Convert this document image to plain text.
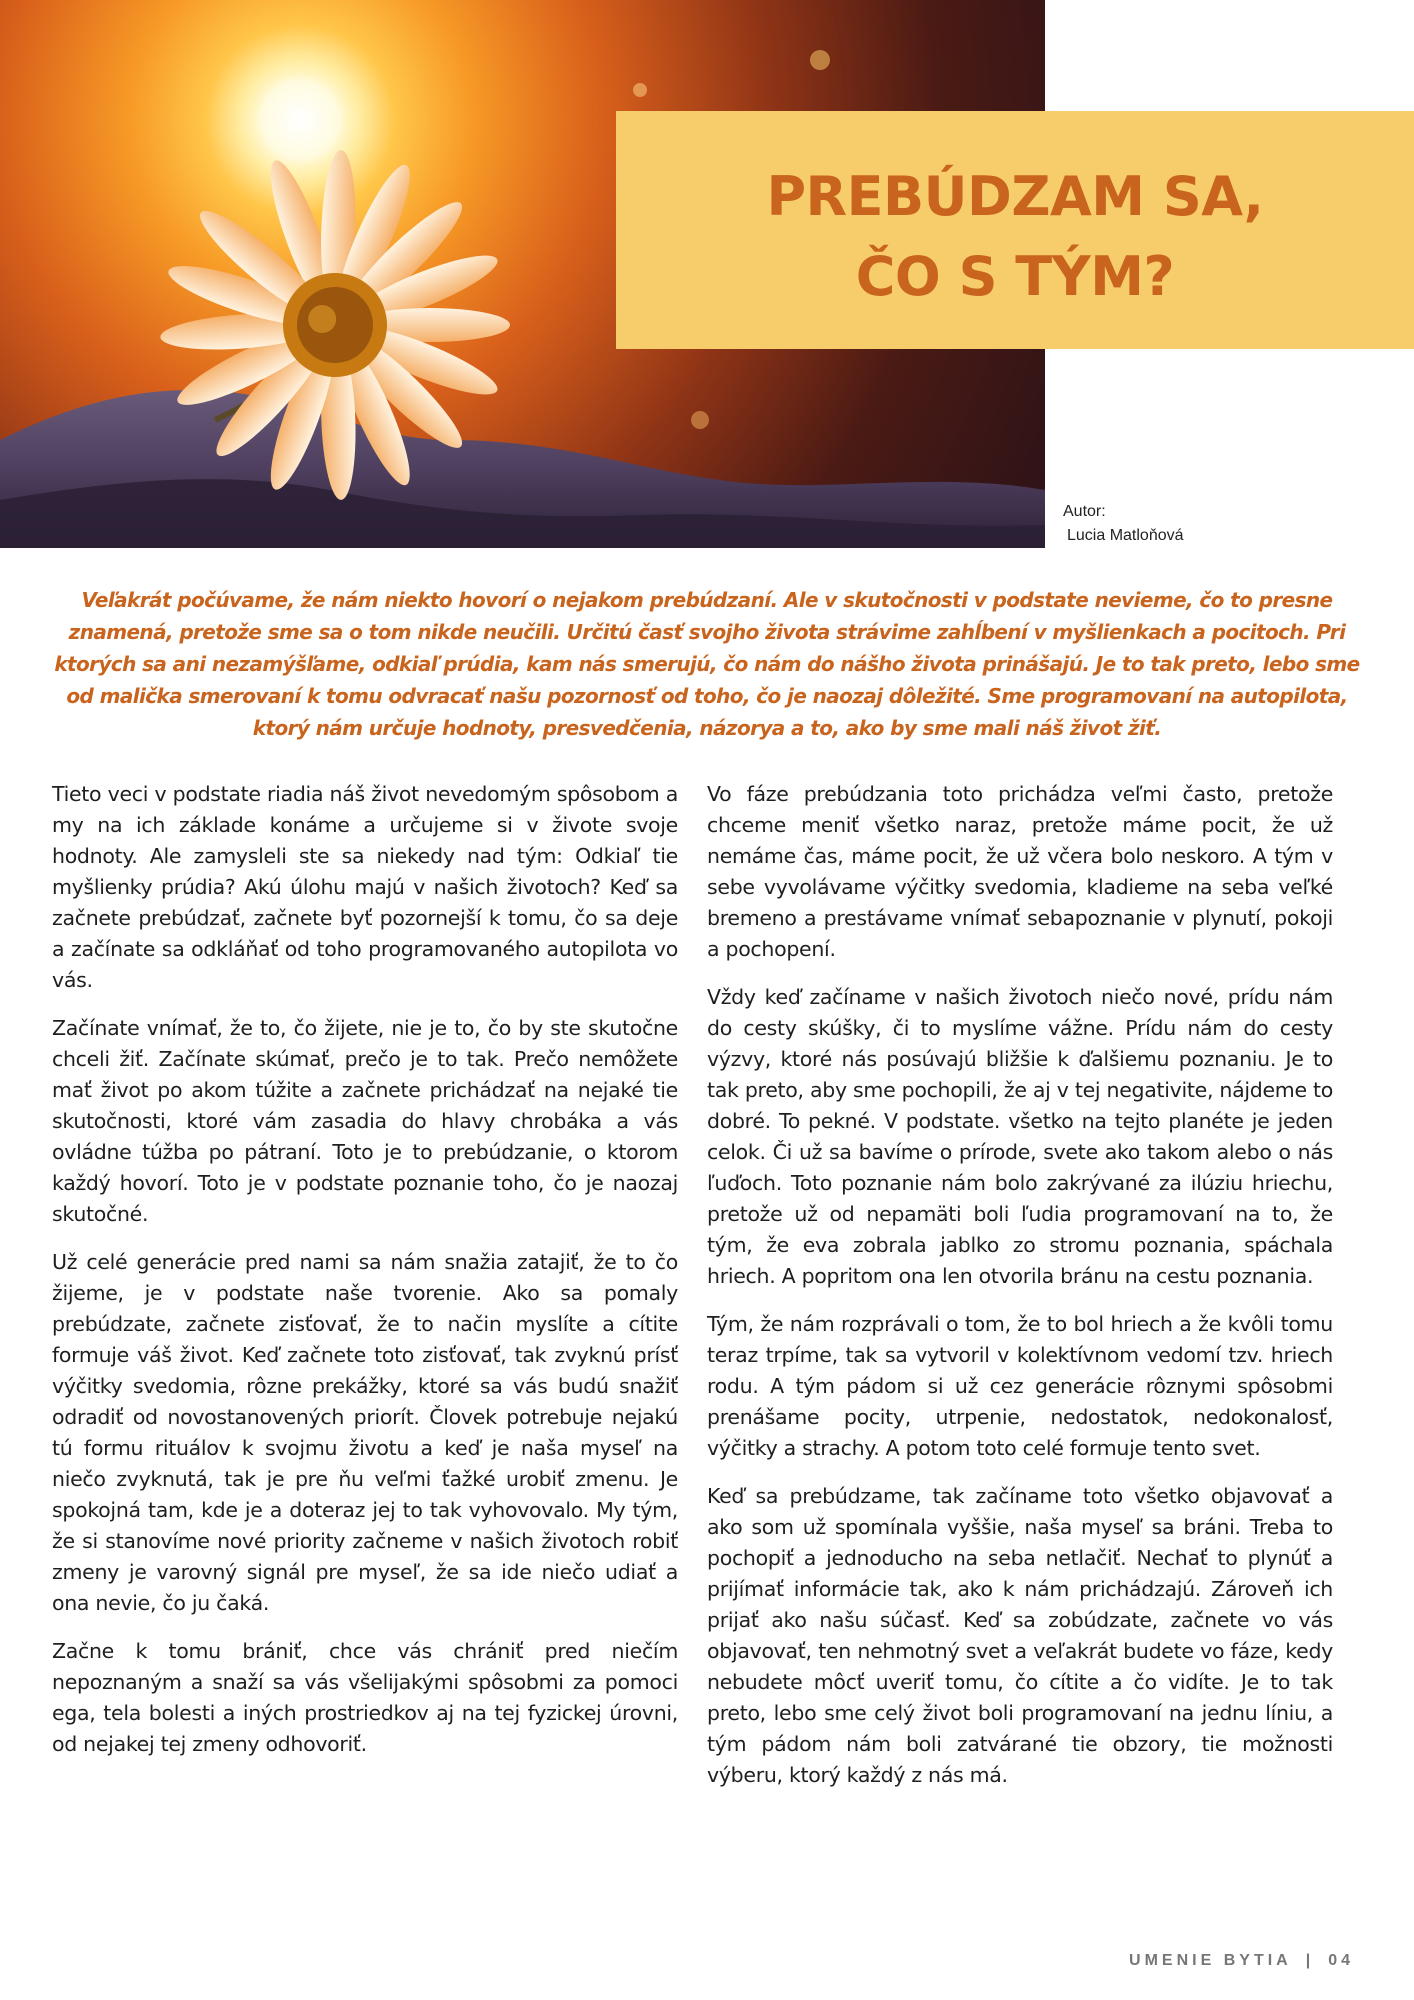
PREBÚDZAM SA,
ČO S TÝM?
Autor:
Lucia Matloňová
Veľakrát počúvame, že nám niekto hovorí o nejakom prebúdzaní. Ale v skutočnosti v podstate nevieme, čo to presne znamená, pretože sme sa o tom nikde neučili. Určitú časť svojho života strávime zahĺbení v myšlienkach a pocitoch. Pri ktorých sa ani nezamýšľame, odkiaľ prúdia, kam nás smerujú, čo nám do nášho života prinášajú. Je to tak preto, lebo sme od malička smerovaní k tomu odvracať našu pozornosť od toho, čo je naozaj dôležité. Sme programovaní na autopilota, ktorý nám určuje hodnoty, presvedčenia, názorya a to, ako by sme mali náš život žiť.

Tieto veci v podstate riadia náš život nevedomým spôsobom a my na ich základe konáme a určujeme si v živote svoje hodnoty. Ale zamysleli ste sa niekedy nad tým: Odkiaľ tie myšlienky prúdia? Akú úlohu majú v našich životoch? Keď sa začnete prebúdzať, začnete byť pozornejší k tomu, čo sa deje a začínate sa odkláňať od toho programovaného autopilota vo vás.

Začínate vnímať, že to, čo žijete, nie je to, čo by ste skutočne chceli žiť. Začínate skúmať, prečo je to tak. Prečo nemôžete mať život po akom túžite a začnete prichádzať na nejaké tie skutočnosti, ktoré vám zasadia do hlavy chrobáka a vás ovládne túžba po pátraní. Toto je to prebúdzanie, o ktorom každý hovorí. Toto je v podstate poznanie toho, čo je naozaj skutočné.

Už celé generácie pred nami sa nám snažia zatajiť, že to čo žijeme, je v podstate naše tvorenie. Ako sa pomaly prebúdzate, začnete zisťovať, že to način myslíte a cítite formuje váš život. Keď začnete toto zisťovať, tak zvyknú prísť výčitky svedomia, rôzne prekážky, ktoré sa vás budú snažiť odradiť od novostanovených priorít. Človek potrebuje nejakú tú formu rituálov k svojmu životu a keď je naša myseľ na niečo zvyknutá, tak je pre ňu veľmi ťažké urobiť zmenu. Je spokojná tam, kde je a doteraz jej to tak vyhovovalo. My tým, že si stanovíme nové priority začneme v našich životoch robiť zmeny je varovný signál pre myseľ, že sa ide niečo udiať a ona nevie, čo ju čaká.

Začne k tomu brániť, chce vás chrániť pred niečím nepoznaným a snaží sa vás všelijakými spôsobmi za pomoci ega, tela bolesti a iných prostriedkov aj na tej fyzickej úrovni, od nejakej tej zmeny odhovoriť.

Vo fáze prebúdzania toto prichádza veľmi často, pretože chceme meniť všetko naraz, pretože máme pocit, že už nemáme čas, máme pocit, že už včera bolo neskoro. A tým v sebe vyvolávame výčitky svedomia, kladieme na seba veľké bremeno a prestávame vnímať sebapoznanie v plynutí, pokoji a pochopení.

Vždy keď začíname v našich životoch niečo nové, prídu nám do cesty skúšky, či to myslíme vážne. Prídu nám do cesty výzvy, ktoré nás posúvajú bližšie k ďalšiemu poznaniu. Je to tak preto, aby sme pochopili, že aj v tej negativite, nájdeme to dobré. To pekné. V podstate. všetko na tejto planéte je jeden celok. Či už sa bavíme o prírode, svete ako takom alebo o nás ľuďoch. Toto poznanie nám bolo zakrývané za ilúziu hriechu, pretože už od nepamäti boli ľudia programovaní na to, že tým, že eva zobrala jablko zo stromu poznania, spáchala hriech. A popritom ona len otvorila bránu na cestu poznania.

Tým, že nám rozprávali o tom, že to bol hriech a že kvôli tomu teraz trpíme, tak sa vytvoril v kolektívnom vedomí tzv. hriech rodu. A tým pádom si už cez generácie rôznymi spôsobmi prenášame pocity, utrpenie, nedostatok, nedokonalosť, výčitky a strachy. A potom toto celé formuje tento svet.

Keď sa prebúdzame, tak začíname toto všetko objavovať a ako som už spomínala vyššie, naša myseľ sa bráni. Treba to pochopiť a jednoducho na seba netlačiť. Nechať to plynúť a prijímať informácie tak, ako k nám prichádzajú. Zároveň ich prijať ako našu súčasť. Keď sa zobúdzate, začnete vo vás objavovať, ten nehmotný svet a veľakrát budete vo fáze, kedy nebudete môcť uveriť tomu, čo cítite a čo vidíte. Je to tak preto, lebo sme celý život boli programovaní na jednu líniu, a tým pádom nám boli zatvárané tie obzory, tie možnosti výberu, ktorý každý z nás má.

UMENIE BYTIA | 04
